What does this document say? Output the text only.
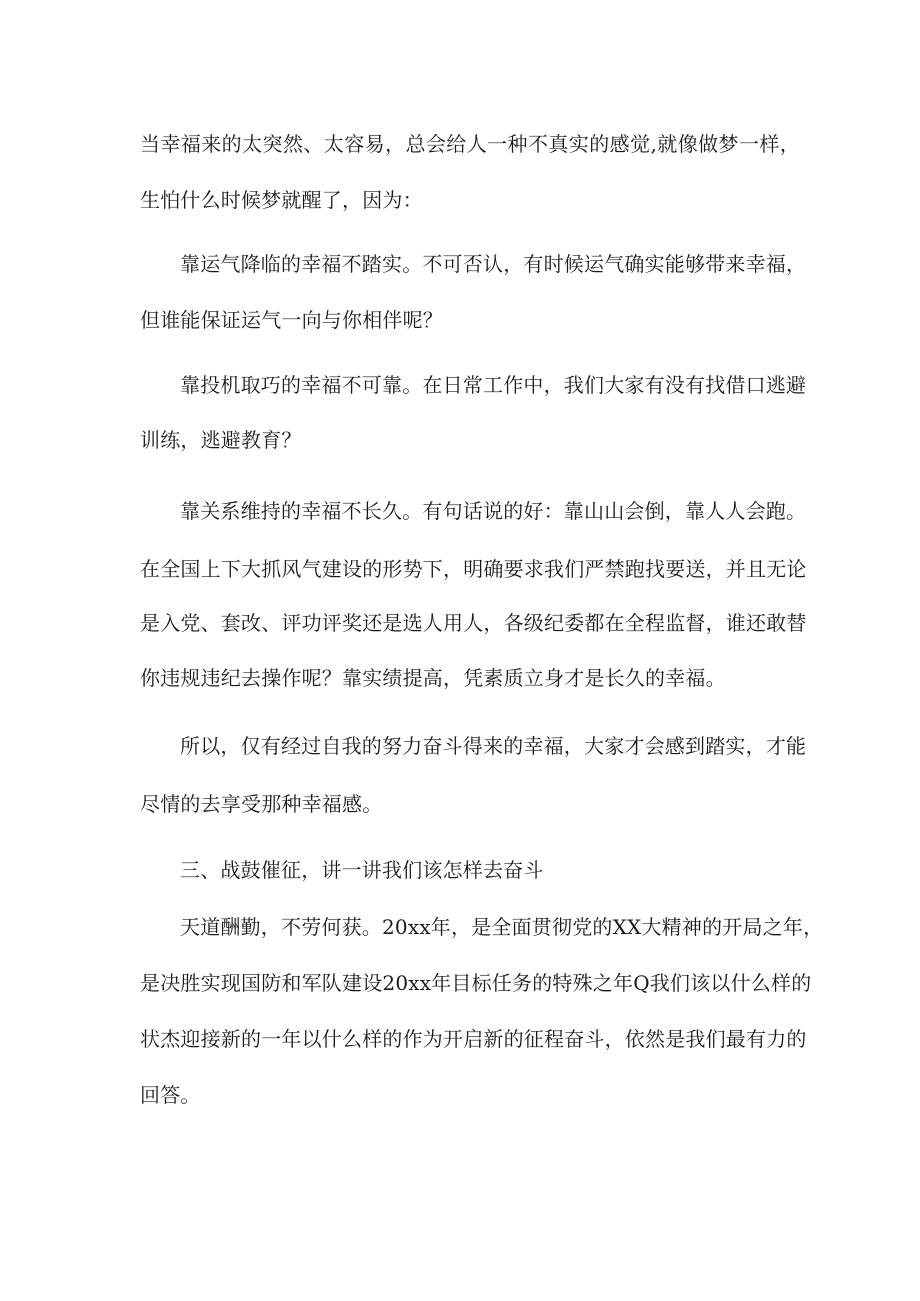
当幸福来的太突然、太容易，总会给人一种不真实的感觉,就像做梦一样，
生怕什么时候梦就醒了，因为：
靠运气降临的幸福不踏实。不可否认，有时候运气确实能够带来幸福，
但谁能保证运气一向与你相伴呢？
靠投机取巧的幸福不可靠。在日常工作中，我们大家有没有找借口逃避
训练，逃避教育？
靠关系维持的幸福不长久。有句话说的好：靠山山会倒，靠人人会跑。
在全国上下大抓风气建设的形势下，明确要求我们严禁跑找要送，并且无论
是入党、套改、评功评奖还是选人用人，各级纪委都在全程监督，谁还敢替
你违规违纪去操作呢？靠实绩提高，凭素质立身才是长久的幸福。
所以，仅有经过自我的努力奋斗得来的幸福，大家才会感到踏实，才能
尽情的去享受那种幸福感。
三、战鼓催征，讲一讲我们该怎样去奋斗
天道酬勤，不劳何获。20xx年，是全面贯彻党的XX大精神的开局之年，
是决胜实现国防和军队建设20xx年目标任务的特殊之年Q我们该以什么样的
状杰迎接新的一年以什么样的作为开启新的征程奋斗，依然是我们最有力的
回答。
